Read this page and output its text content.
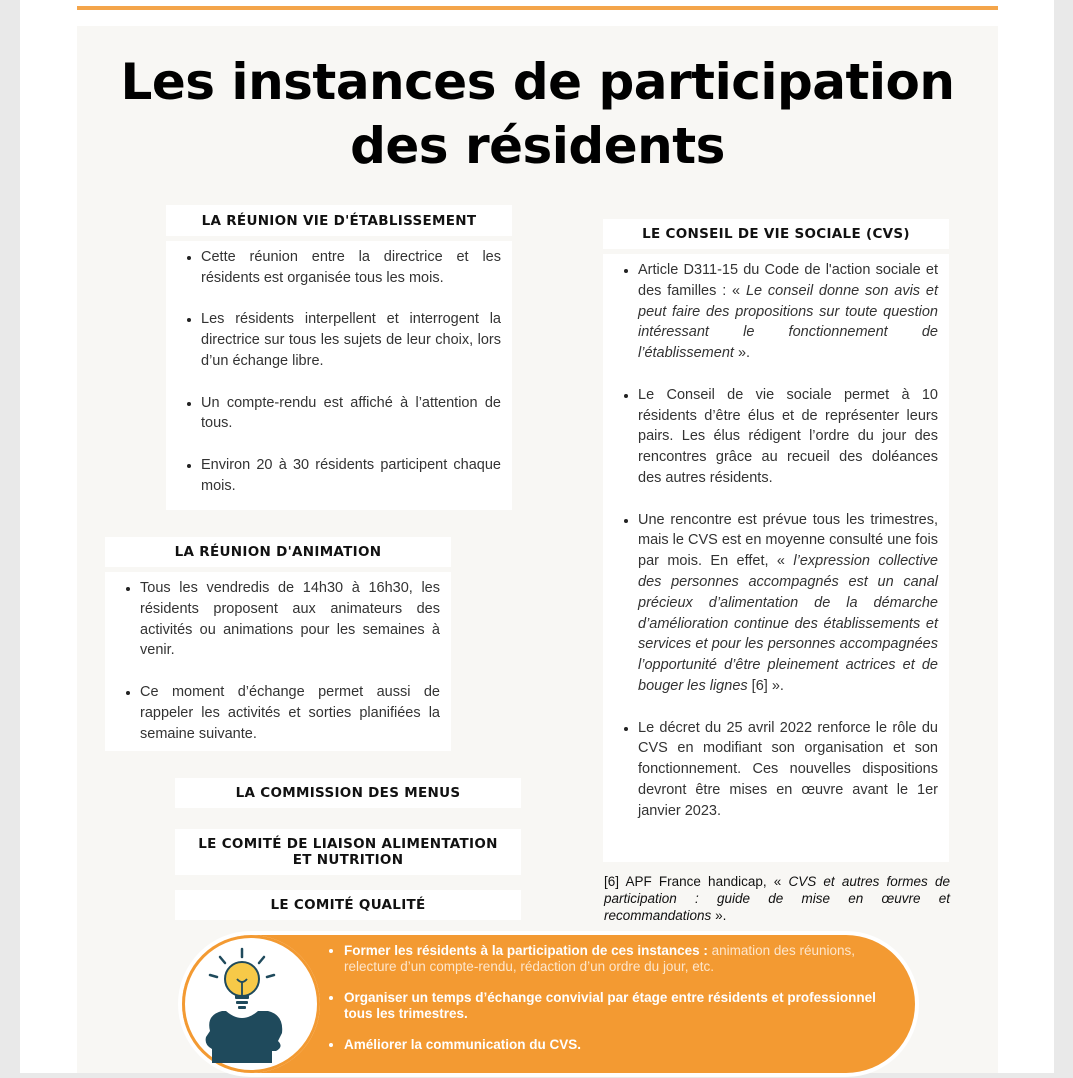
Les instances de participation
des résidents
LA RÉUNION VIE D'ÉTABLISSEMENT
• Cette réunion entre la directrice et les résidents est organisée tous les mois.
• Les résidents interpellent et interrogent la directrice sur tous les sujets de leur choix, lors d’un échange libre.
• Un compte-rendu est affiché à l’attention de tous.
• Environ 20 à 30 résidents participent chaque mois.
LA RÉUNION D'ANIMATION
• Tous les vendredis de 14h30 à 16h30, les résidents proposent aux animateurs des activités ou animations pour les semaines à venir.
• Ce moment d’échange permet aussi de rappeler les activités et sorties planifiées la semaine suivante.
LA COMMISSION DES MENUS
LE COMITÉ DE LIAISON ALIMENTATION ET NUTRITION
LE COMITÉ QUALITÉ
LE CONSEIL DE VIE SOCIALE (CVS)
• Article D311-15 du Code de l'action sociale et des familles : « Le conseil donne son avis et peut faire des propositions sur toute question intéressant le fonctionnement de l’établissement ».
• Le Conseil de vie sociale permet à 10 résidents d’être élus et de représenter leurs pairs. Les élus rédigent l’ordre du jour des rencontres grâce au recueil des doléances des autres résidents.
• Une rencontre est prévue tous les trimestres, mais le CVS est en moyenne consulté une fois par mois. En effet, « l’expression collective des personnes accompagnés est un canal précieux d’alimentation de la démarche d’amélioration continue des établissements et services et pour les personnes accompagnées l’opportunité d’être pleinement actrices et de bouger les lignes [6] ».
• Le décret du 25 avril 2022 renforce le rôle du CVS en modifiant son organisation et son fonctionnement. Ces nouvelles dispositions devront être mises en œuvre avant le 1er janvier 2023.
[6] APF France handicap, « CVS et autres formes de participation : guide de mise en œuvre et recommandations ».
• Former les résidents à la participation de ces instances : animation des réunions, relecture d’un compte-rendu, rédaction d’un ordre du jour, etc.
• Organiser un temps d’échange convivial par étage entre résidents et professionnel tous les trimestres.
• Améliorer la communication du CVS.
